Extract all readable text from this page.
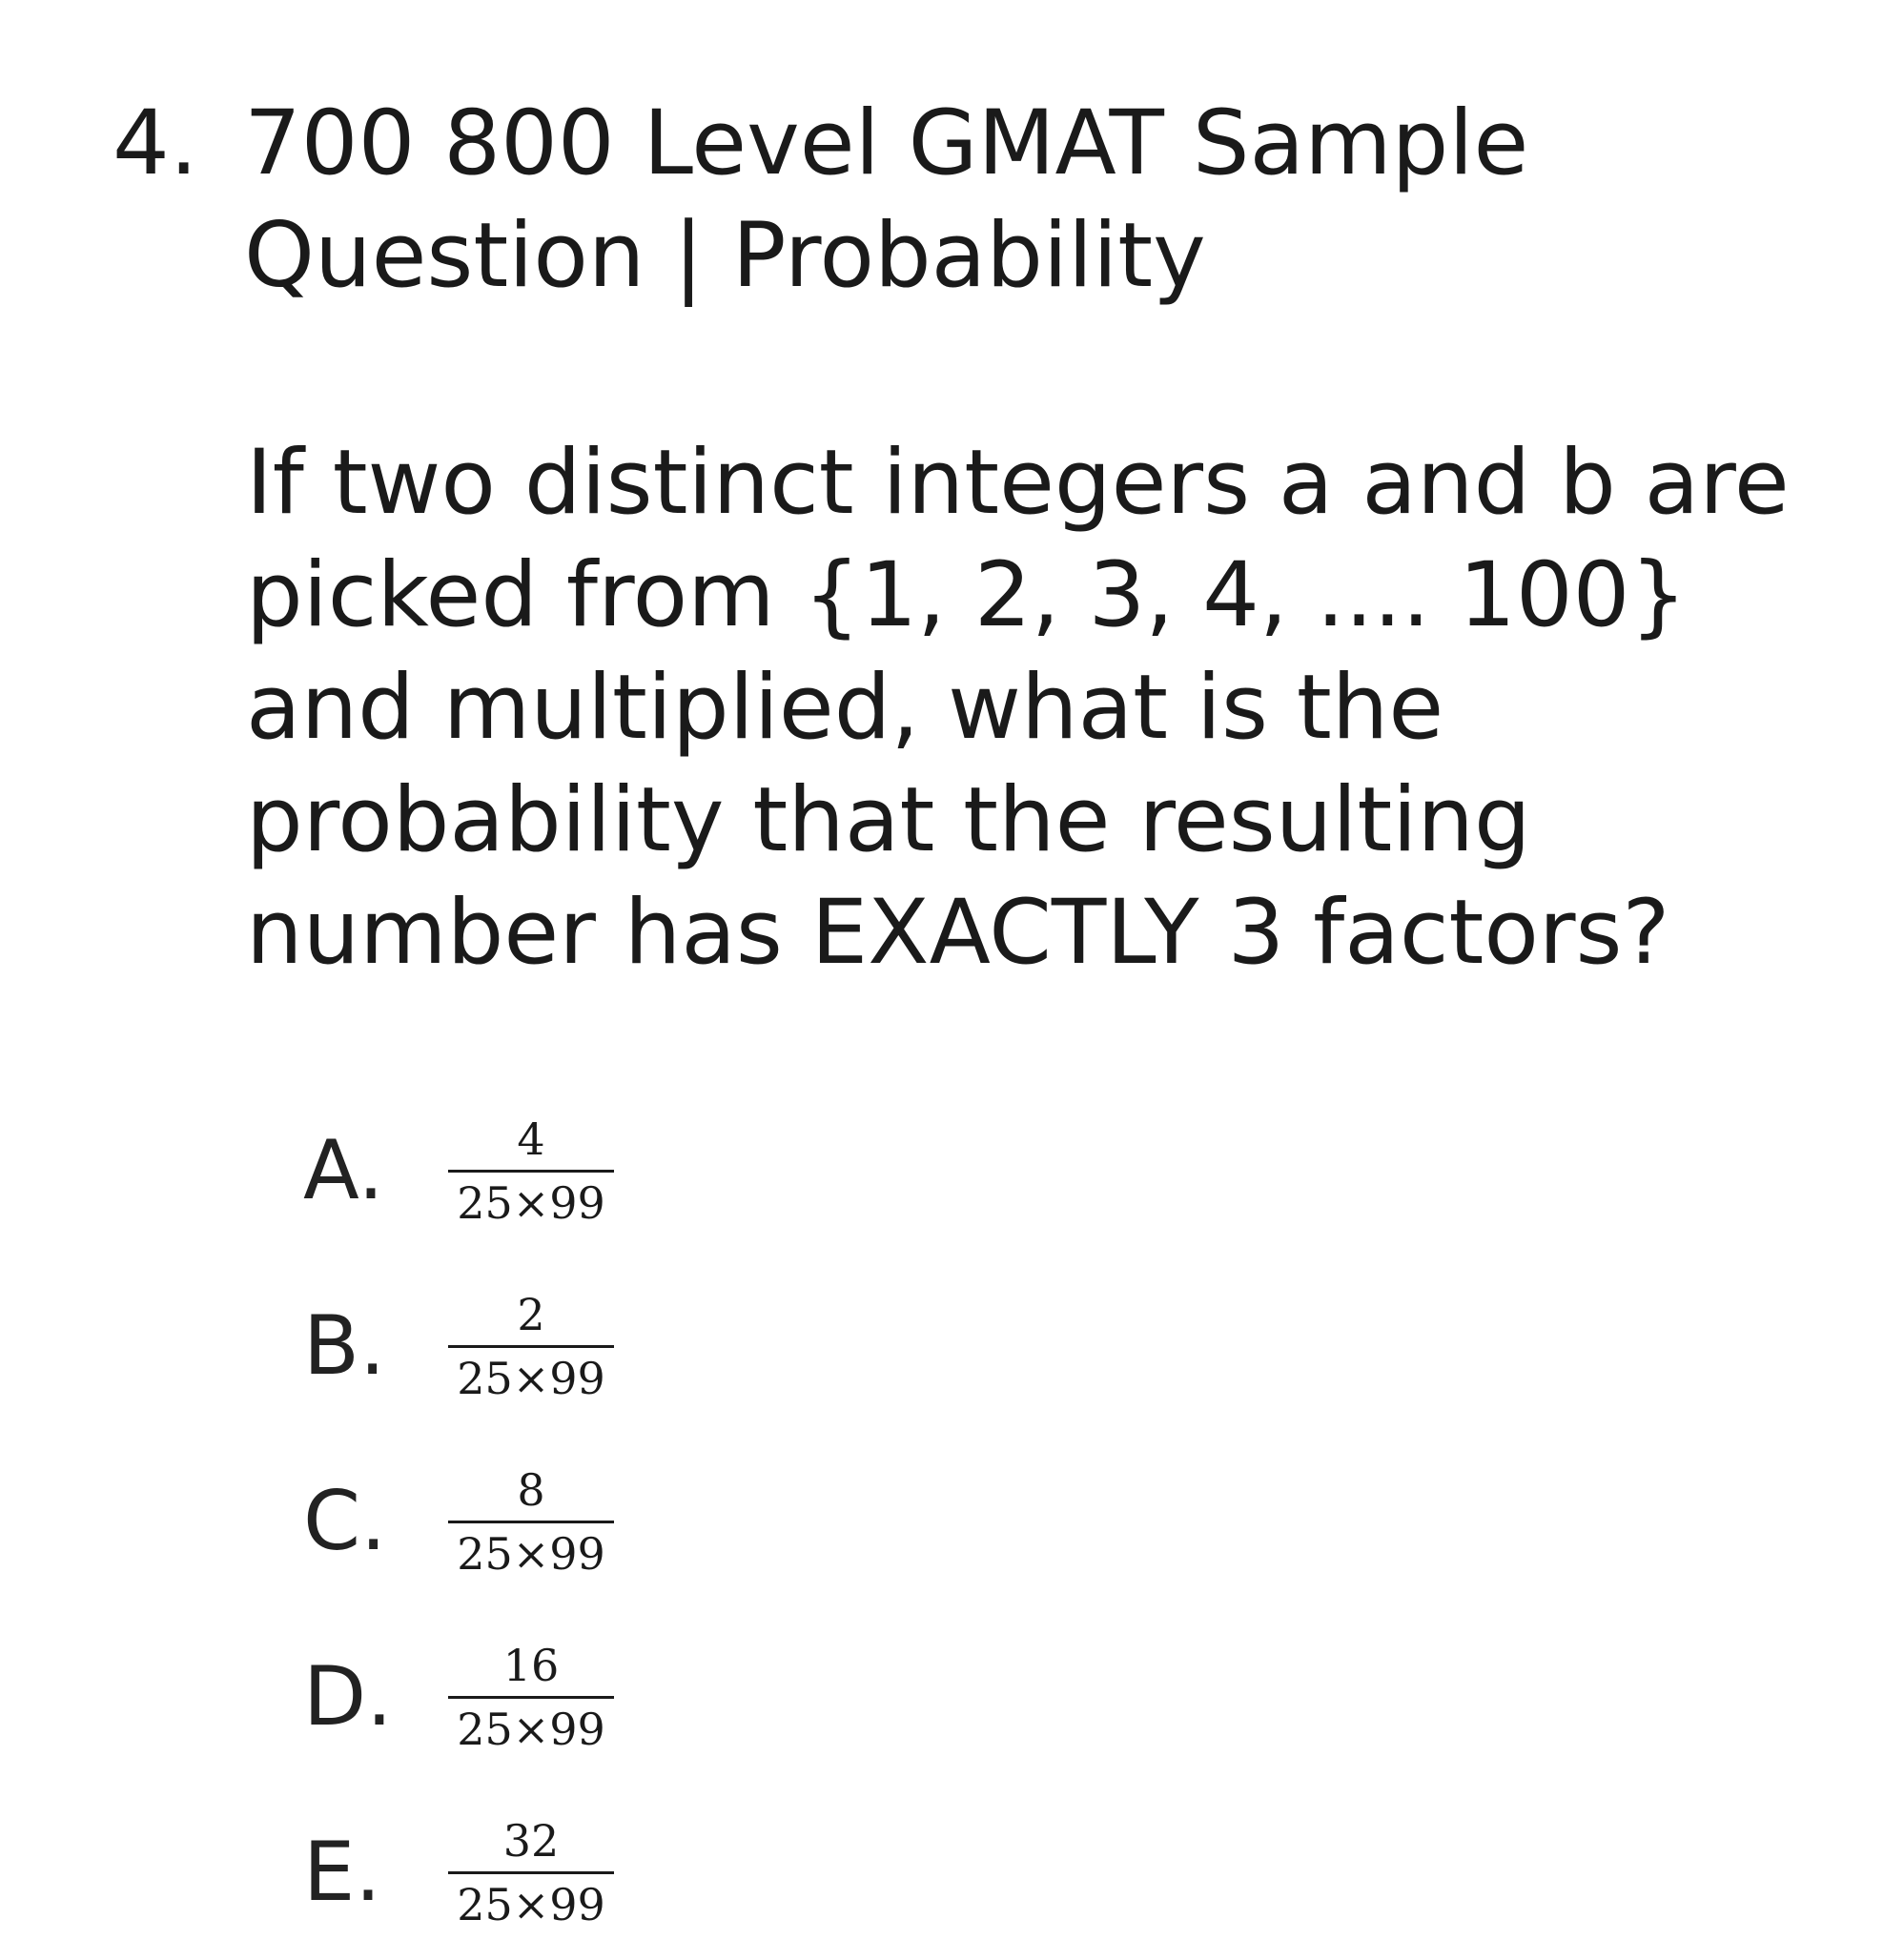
4. 700 800 Level GMAT Sample Question | Probability
If two distinct integers a and b are picked from {1, 2, 3, 4, .... 100} and multiplied, what is the probability that the resulting number has EXACTLY 3 factors?
A.	$\frac{4}{25\times 99}$
B.	$\frac{2}{25\times 99}$
C.	$\frac{8}{25\times 99}$
D.	$\frac{16}{25\times 99}$
E.	$\frac{32}{25\times 99}$
